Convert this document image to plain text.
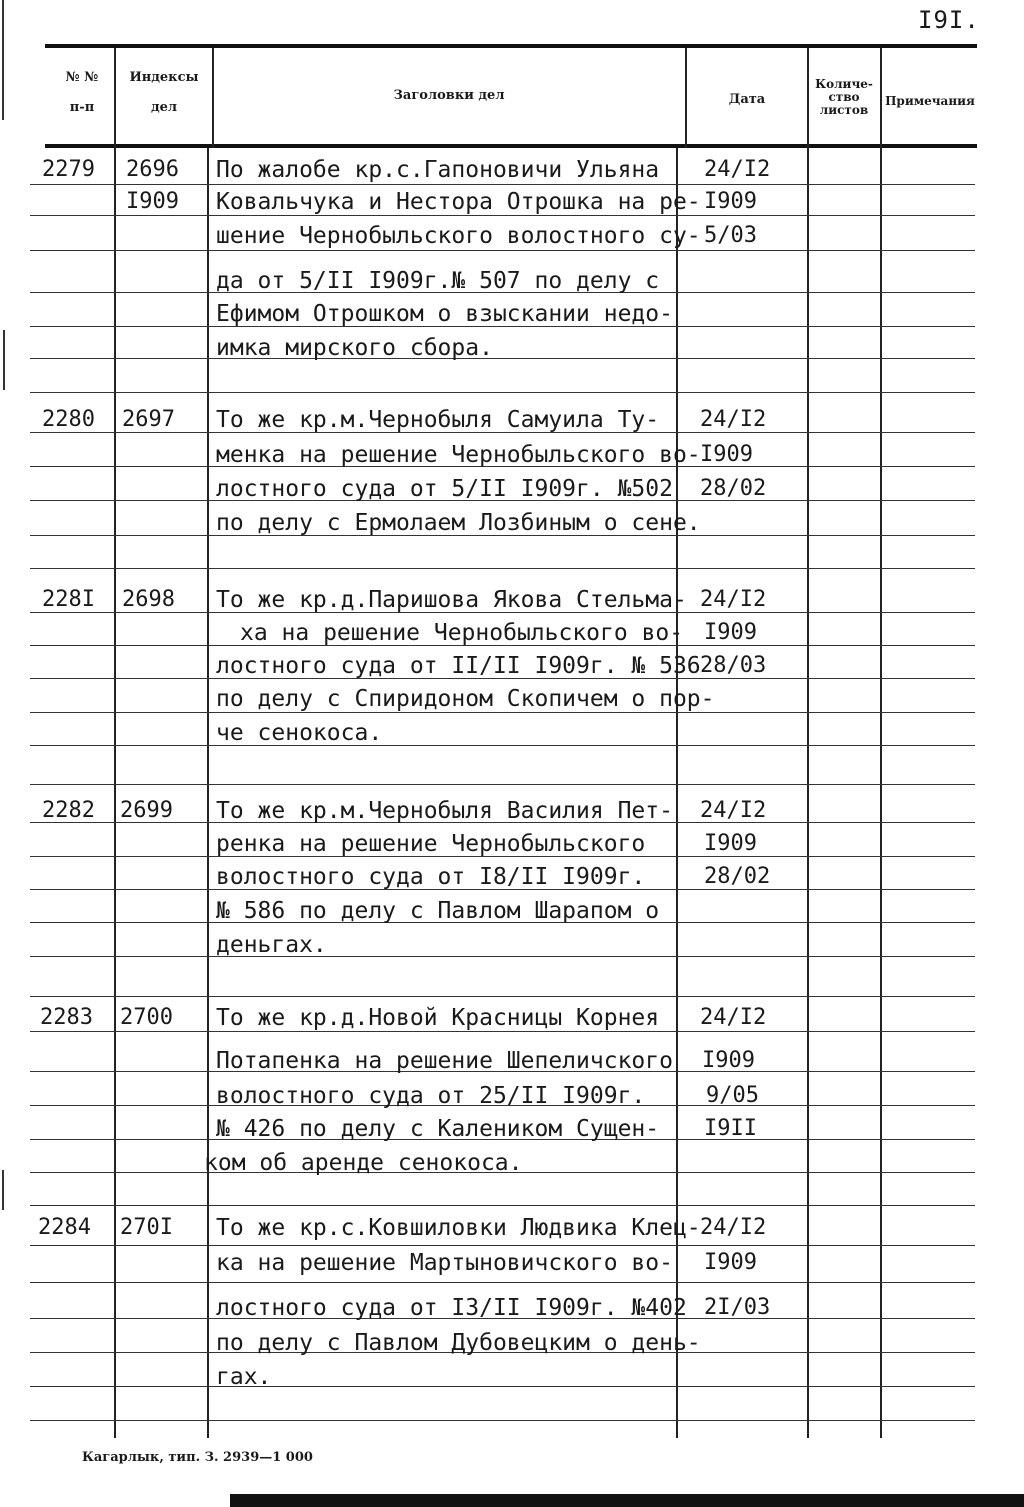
I9I.
№ №
п-п
Индексы
дел
Заголовки дел	Дата
Количе-
ство
листов
Примечания
2279 2696
I909
По жалобе кр.с.Гапоновичи Ульяна
Ковальчука и Нестора Отрошка на ре-
шение Чернобыльского волостного су-
да от 5/II I909г.№ 507 по делу с
Ефимом Отрошком о взыскании недо-
имка мирского сбора.
24/I2
I909
5/03
2280 2697 То же кр.м.Чернобыля Самуила Ту-
менка на решение Чернобыльского во-
лостного суда от 5/II I909г. №502
по делу с Ермолаем Лозбиным о сене.
24/I2
I909
28/02
228I 2698 То же кр.д.Паришова Якова Стельма-
ха на решение Чернобыльского во-
лостного суда от II/II I909г. № 536
по делу с Спиридоном Скопичем о пор-
че сенокоса.
24/I2
I909
28/03
2282 2699 То же кр.м.Чернобыля Василия Пет-
ренка на решение Чернобыльского
волостного суда от I8/II I909г.
№ 586 по делу с Павлом Шарапом о
деньгах.
24/I2
I909
28/02
2283 2700 То же кр.д.Новой Красницы Корнея
Потапенка на решение Шепеличского
волостного суда от 25/II I909г.
№ 426 по делу с Калеником Сущен-
ком об аренде сенокоса.
24/I2
I909
9/05
I9II
2284 270I То же кр.с.Ковшиловки Людвика Клец-
ка на решение Мартыновичского во-
лостного суда от I3/II I909г. №402
по делу с Павлом Дубовецким о день-
гах.
24/I2
I909
2I/03
Кагарлык, тип. З. 2939—1 000
